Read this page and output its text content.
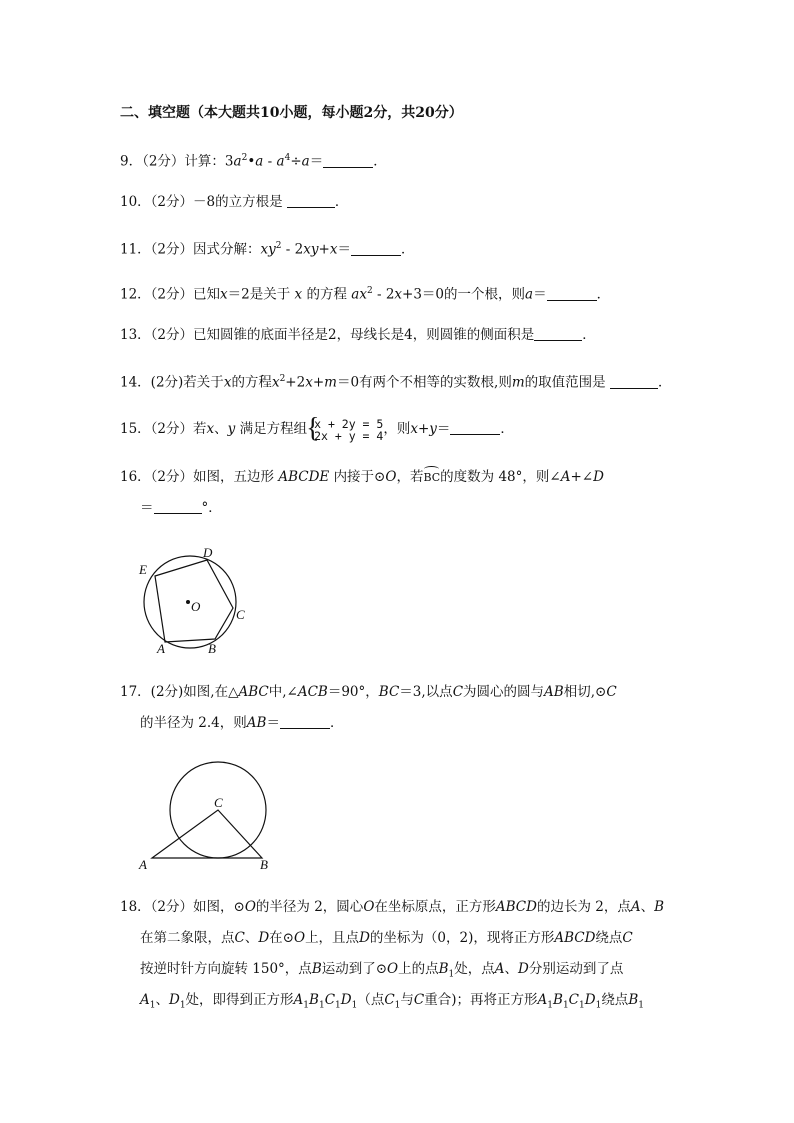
二、填空题（本大题共10小题，每小题2分，共20分）
9．（2分）计算：$3a^2•a - a^4\div a=$	．
10．（2分）－8的立方根是	．
11．（2分）因式分解：$xy^2 - 2xy+x=$	．
12．（2分）已知x＝2是关于 x 的方程 $ax^2 - 2x+3=0$的一个根，则a＝	．
13．（2分）已知圆锥的底面半径是2，母线长是4，则圆锥的侧面积是	．
14．(2分)若关于x的方程$x^2+2x+m=0$有两个不相等的实数根,则m的取值范围是	．
15．（2分）若x、y 满足方程组 {
x + 2y = 5
2x + y = 4，则x+y＝	．
16．（2分）如图，五边形 ABCDE 内接于⊙O，若BC的度数为 48°，则∠A+∠D
＝	°．
E
D
O
C
A	B
17．(2分)如图,在△ABC中,∠ACB＝90°，BC＝3,以点C为圆心的圆与AB相切,⊙C
的半径为 2.4，则AB＝	．
C
A	B
18．（2分）如图，⊙O的半径为 2，圆心O在坐标原点，正方形ABCD的边长为 2，点A、B
在第二象限，点C、D在⊙O上，且点D的坐标为（0，2)，现将正方形ABCD绕点C
按逆时针方向旋转 150°，点B运动到了⊙O上的点$B_1$处，点A、D分别运动到了点
$A_1$、$D_1$处，即得到正方形$A_1B_1C_1D_1$（点$C_1$与C重合)；再将正方形$A_1B_1C_1D_1$绕点$B_1$
